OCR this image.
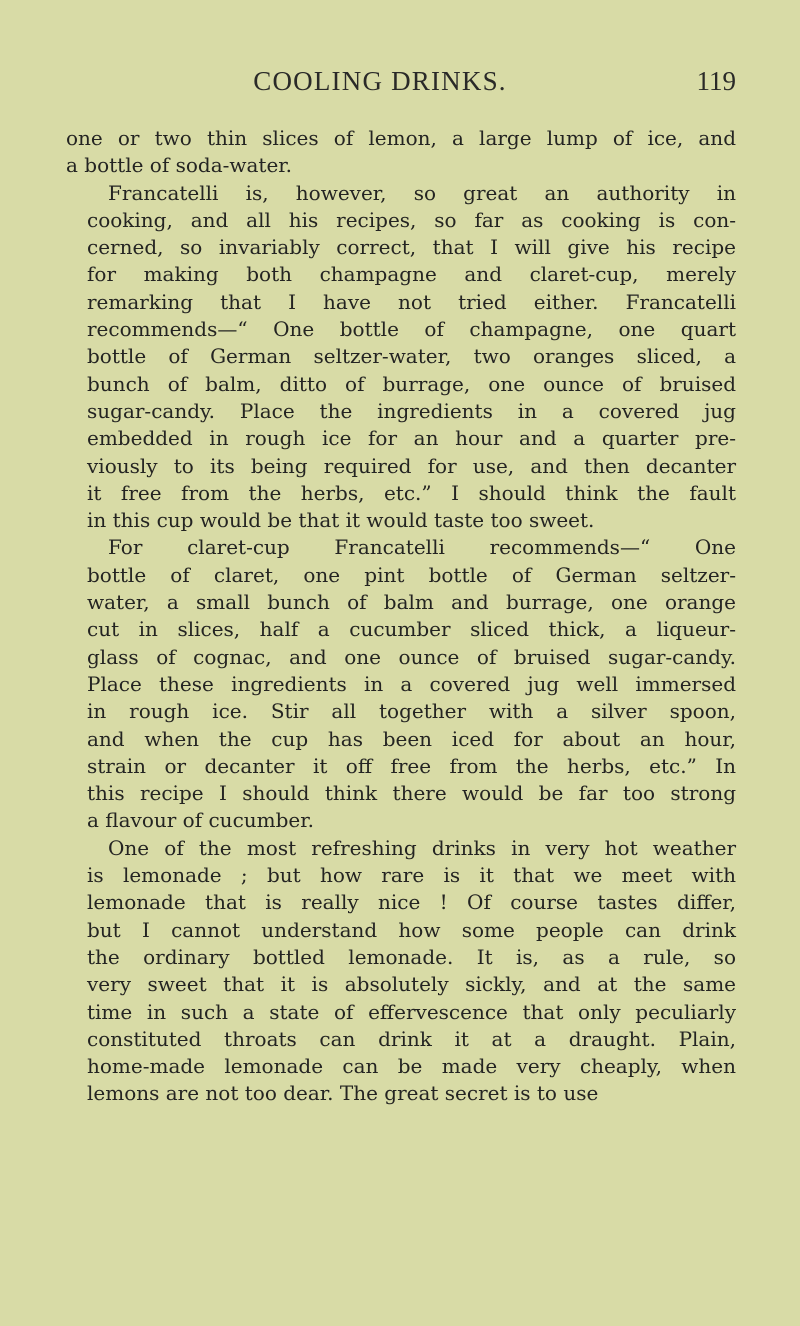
COOLING DRINKS.	119
one or two thin slices of lemon, a large lump of ice, and
a bottle of soda-water.
Francatelli is, however, so great an authority in
cooking, and all his recipes, so far as cooking is con-
cerned, so invariably correct, that I will give his recipe
for making both champagne and claret-cup, merely
remarking that I have not tried either. Francatelli
recommends—“ One bottle of champagne, one quart
bottle of German seltzer-water, two oranges sliced, a
bunch of balm, ditto of burrage, one ounce of bruised
sugar-candy. Place the ingredients in a covered jug
embedded in rough ice for an hour and a quarter pre-
viously to its being required for use, and then decanter
it free from the herbs, etc.” I should think the fault
in this cup would be that it would taste too sweet.
For claret-cup Francatelli recommends—“ One
bottle of claret, one pint bottle of German seltzer-
water, a small bunch of balm and burrage, one orange
cut in slices, half a cucumber sliced thick, a liqueur-
glass of cognac, and one ounce of bruised sugar-candy.
Place these ingredients in a covered jug well immersed
in rough ice. Stir all together with a silver spoon,
and when the cup has been iced for about an hour,
strain or decanter it off free from the herbs, etc.” In
this recipe I should think there would be far too strong
a flavour of cucumber.
One of the most refreshing drinks in very hot weather
is lemonade ; but how rare is it that we meet with
lemonade that is really nice ! Of course tastes differ,
but I cannot understand how some people can drink
the ordinary bottled lemonade. It is, as a rule, so
very sweet that it is absolutely sickly, and at the same
time in such a state of effervescence that only peculiarly
constituted throats can drink it at a draught. Plain,
home-made lemonade can be made very cheaply, when
lemons are not too dear. The great secret is to use
